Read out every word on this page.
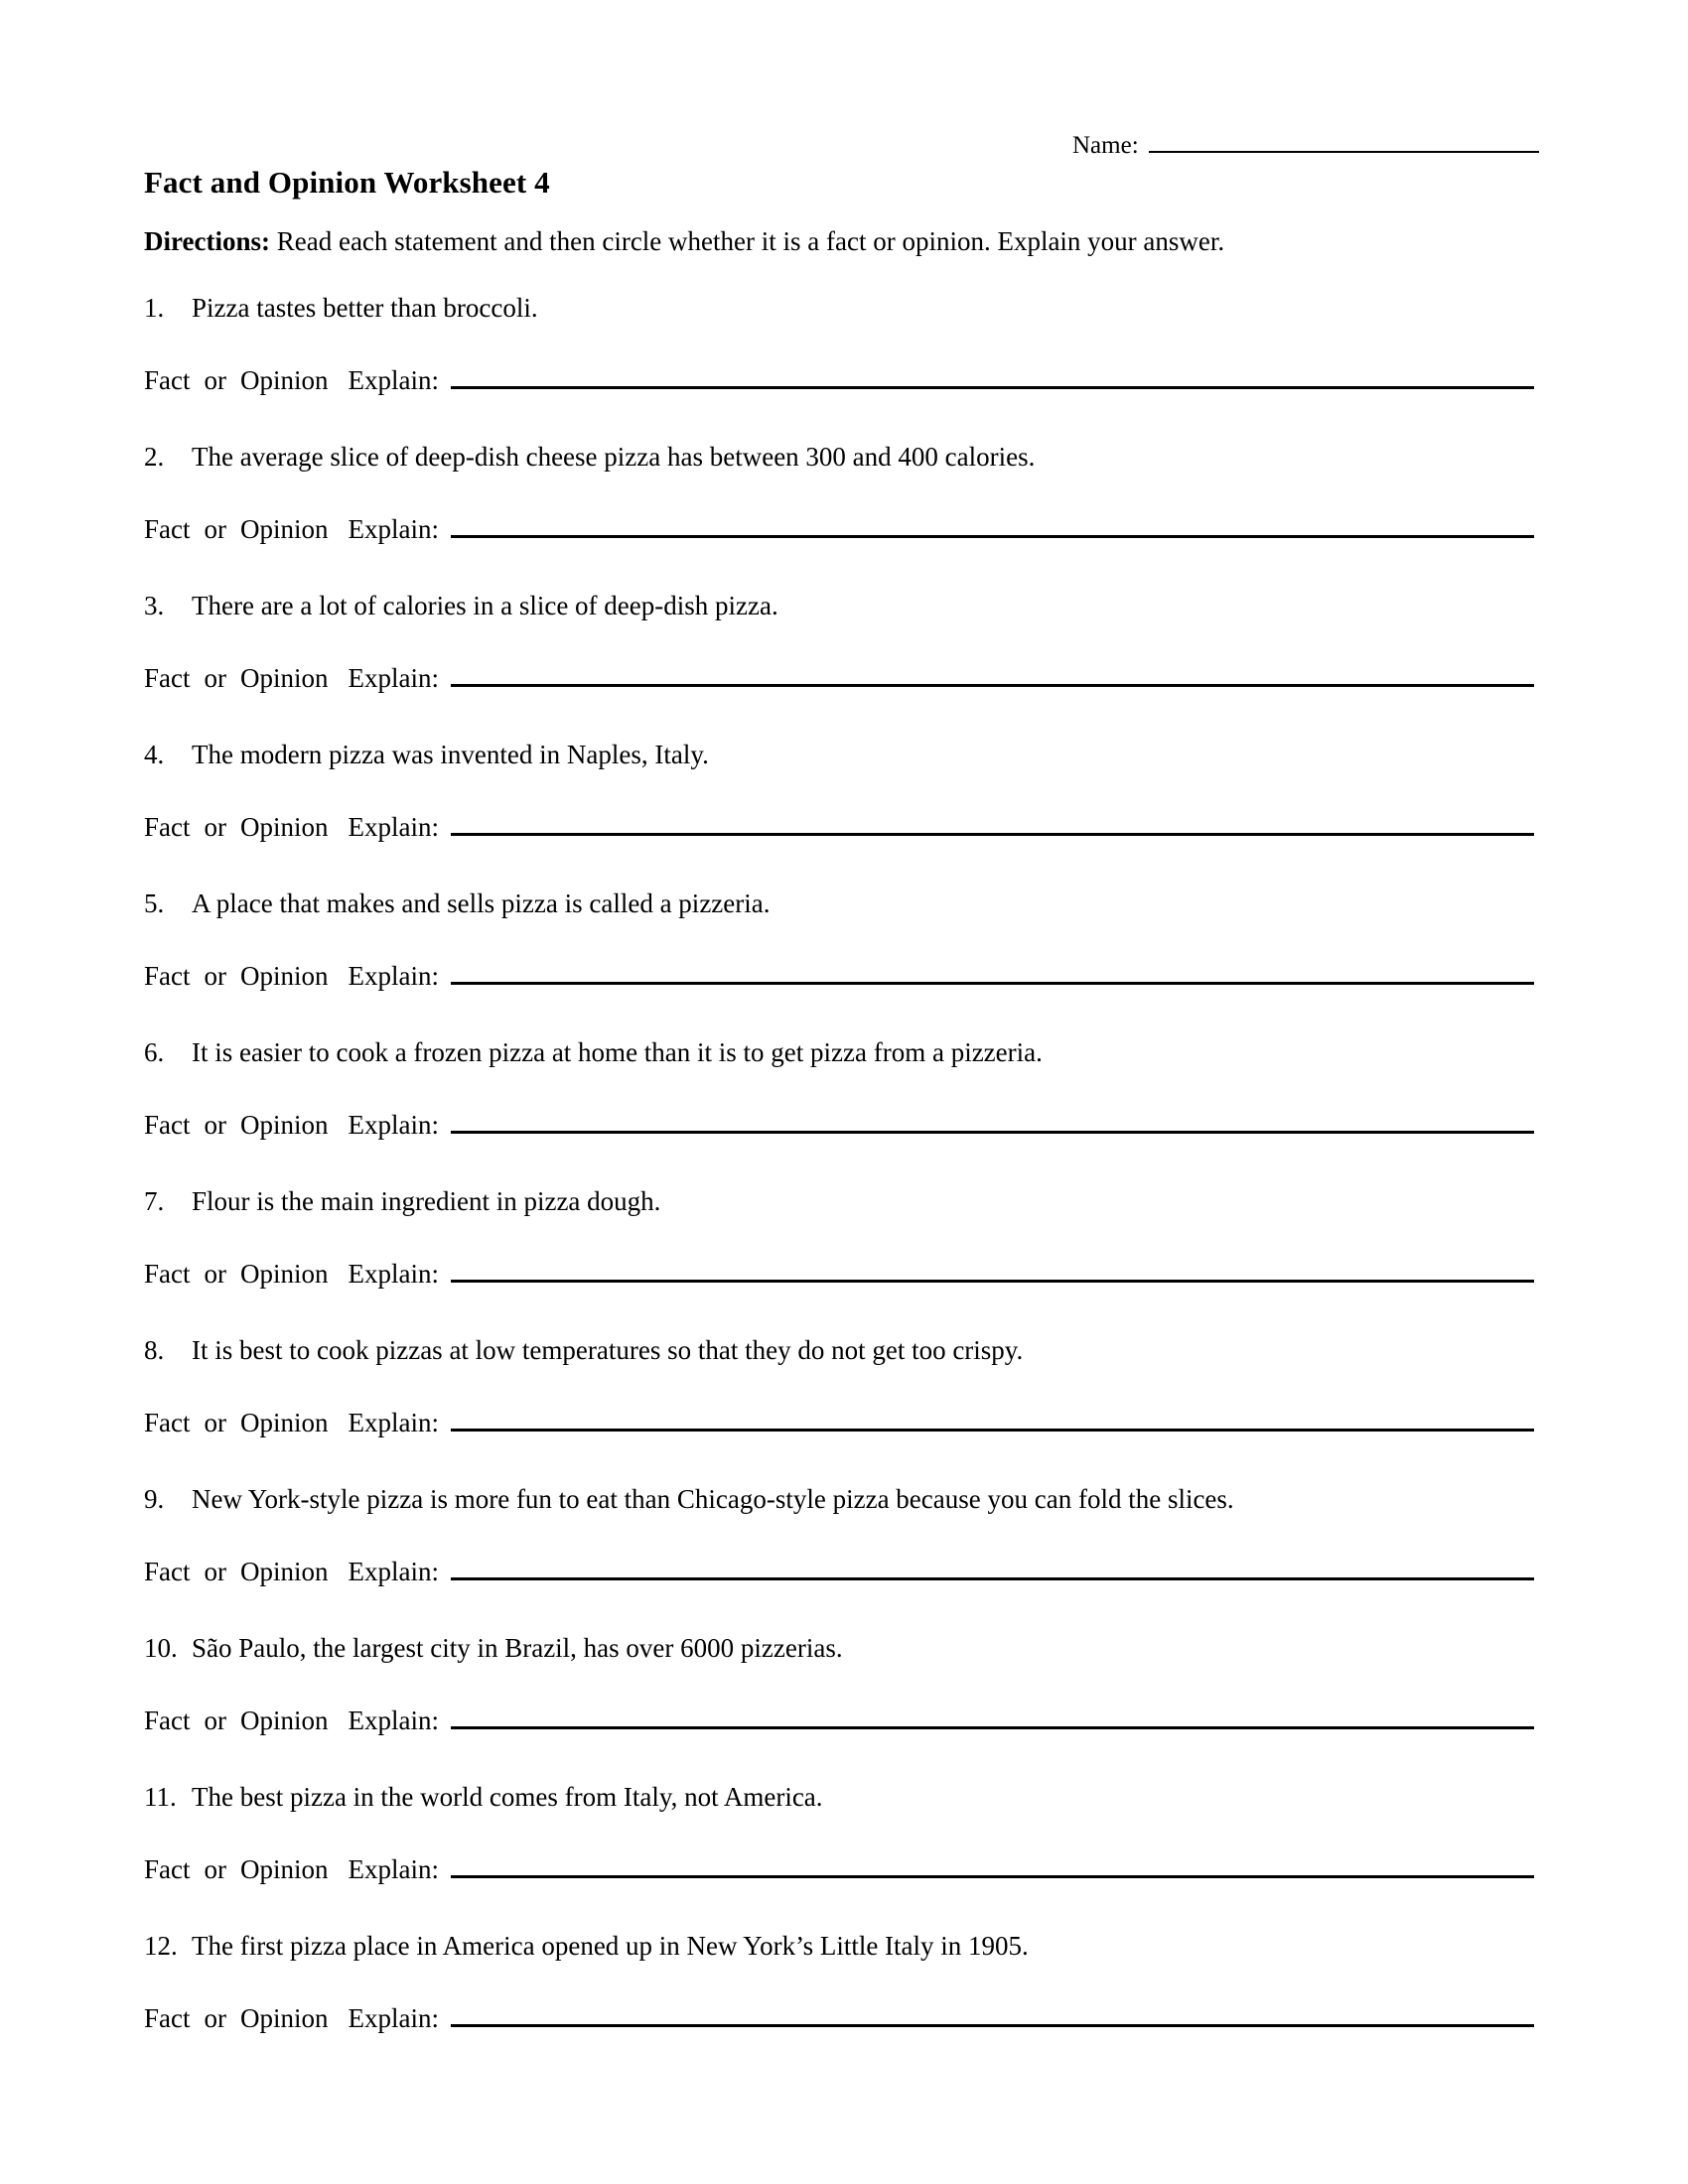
Name:
Fact and Opinion Worksheet 4
Directions: Read each statement and then circle whether it is a fact or opinion. Explain your answer.
1.	Pizza tastes better than broccoli.
Fact or Opinion Explain:
2.	The average slice of deep-dish cheese pizza has between 300 and 400 calories.
Fact or Opinion Explain:
3.	There are a lot of calories in a slice of deep-dish pizza.
Fact or Opinion Explain:
4.	The modern pizza was invented in Naples, Italy.
Fact or Opinion Explain:
5.	A place that makes and sells pizza is called a pizzeria.
Fact or Opinion Explain:
6.	It is easier to cook a frozen pizza at home than it is to get pizza from a pizzeria.
Fact or Opinion Explain:
7.	Flour is the main ingredient in pizza dough.
Fact or Opinion Explain:
8.	It is best to cook pizzas at low temperatures so that they do not get too crispy.
Fact or Opinion Explain:
9.	New York-style pizza is more fun to eat than Chicago-style pizza because you can fold the slices.
Fact or Opinion Explain:
10. São Paulo, the largest city in Brazil, has over 6000 pizzerias.
Fact or Opinion Explain:
11. The best pizza in the world comes from Italy, not America.
Fact or Opinion Explain:
12. The first pizza place in America opened up in New York’s Little Italy in 1905.
Fact or Opinion Explain:
